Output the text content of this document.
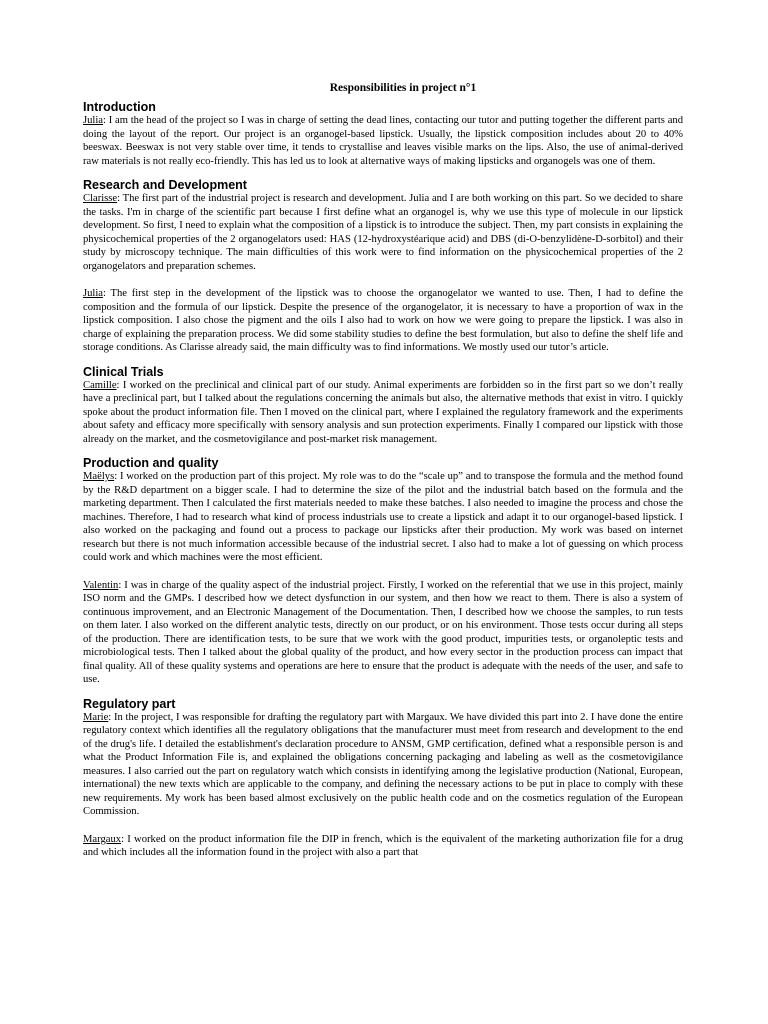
Responsibilities in project n°1
Introduction

Julia: I am the head of the project so I was in charge of setting the dead lines, contacting our tutor and putting together the different parts and doing the layout of the report. Our project is an organogel-based lipstick. Usually, the lipstick composition includes about 20 to 40% beeswax. Beeswax is not very stable over time, it tends to crystallise and leaves visible marks on the lips. Also, the use of animal-derived raw materials is not really eco-friendly. This has led us to look at alternative ways of making lipsticks and organogels was one of them.

Research and Development

Clarisse: The first part of the industrial project is research and development. Julia and I are both working on this part. So we decided to share the tasks. I'm in charge of the scientific part because I first define what an organogel is, why we use this type of molecule in our lipstick development. So first, I need to explain what the composition of a lipstick is to introduce the subject. Then, my part consists in explaining the physicochemical properties of the 2 organogelators used: HAS (12-hydroxystéarique acid) and DBS (di-O-benzylidène-D-sorbitol) and their study by microscopy technique. The main difficulties of this work were to find information on the physicochemical properties of the 2 organogelators and preparation schemes.

Julia: The first step in the development of the lipstick was to choose the organogelator we wanted to use. Then, I had to define the composition and the formula of our lipstick. Despite the presence of the organogelator, it is necessary to have a proportion of wax in the lipstick composition. I also chose the pigment and the oils I also had to work on how we were going to prepare the lipstick. I was also in charge of explaining the preparation process. We did some stability studies to define the best formulation, but also to define the shelf life and storage conditions. As Clarisse already said, the main difficulty was to find informations. We mostly used our tutor’s article.

Clinical Trials

Camille: I worked on the preclinical and clinical part of our study. Animal experiments are forbidden so in the first part so we don’t really have a preclinical part, but I talked about the regulations concerning the animals but also, the alternative methods that exist in vitro. I quickly spoke about the product information file. Then I moved on the clinical part, where I explained the regulatory framework and the experiments about safety and efficacy more specifically with sensory analysis and sun protection experiments. Finally I compared our lipstick with those already on the market, and the cosmetovigilance and post-market risk management.

Production and quality

Maëlys: I worked on the production part of this project. My role was to do the “scale up” and to transpose the formula and the method found by the R&D department on a bigger scale. I had to determine the size of the pilot and the industrial batch based on the formula and the marketing department. Then I calculated the first materials needed to make these batches. I also needed to imagine the process and chose the machines. Therefore, I had to research what kind of process industrials use to create a lipstick and adapt it to our organogel-based lipstick. I also worked on the packaging and found out a process to package our lipsticks after their production. My work was based on internet research but there is not much information accessible because of the industrial secret. I also had to make a lot of guessing on which process could work and which machines were the most efficient.

Valentin: I was in charge of the quality aspect of the industrial project. Firstly, I worked on the referential that we use in this project, mainly ISO norm and the GMPs. I described how we detect dysfunction in our system, and then how we react to them. There is also a system of continuous improvement, and an Electronic Management of the Documentation. Then, I described how we choose the samples, to run tests on them later. I also worked on the different analytic tests, directly on our product, or on his environment. Those tests occur during all steps of the production. There are identification tests, to be sure that we work with the good product, impurities tests, or organoleptic tests and microbiological tests. Then I talked about the global quality of the product, and how every sector in the production process can impact that final quality. All of these quality systems and operations are here to ensure that the product is adequate with the needs of the user, and safe to use.

Regulatory part

Marie: In the project, I was responsible for drafting the regulatory part with Margaux. We have divided this part into 2. I have done the entire regulatory context which identifies all the regulatory obligations that the manufacturer must meet from research and development to the end of the drug's life. I detailed the establishment's declaration procedure to ANSM, GMP certification, defined what a responsible person is and what the Product Information File is, and explained the obligations concerning packaging and labeling as well as the cosmetovigilance measures. I also carried out the part on regulatory watch which consists in identifying among the legislative production (National, European, international) the new texts which are applicable to the company, and defining the necessary actions to be put in place to comply with these new requirements. My work has been based almost exclusively on the public health code and on the cosmetics regulation of the European Commission.

Margaux: I worked on the product information file the DIP in french, which is the equivalent of the marketing authorization file for a drug and which includes all the information found in the project with also a part that
